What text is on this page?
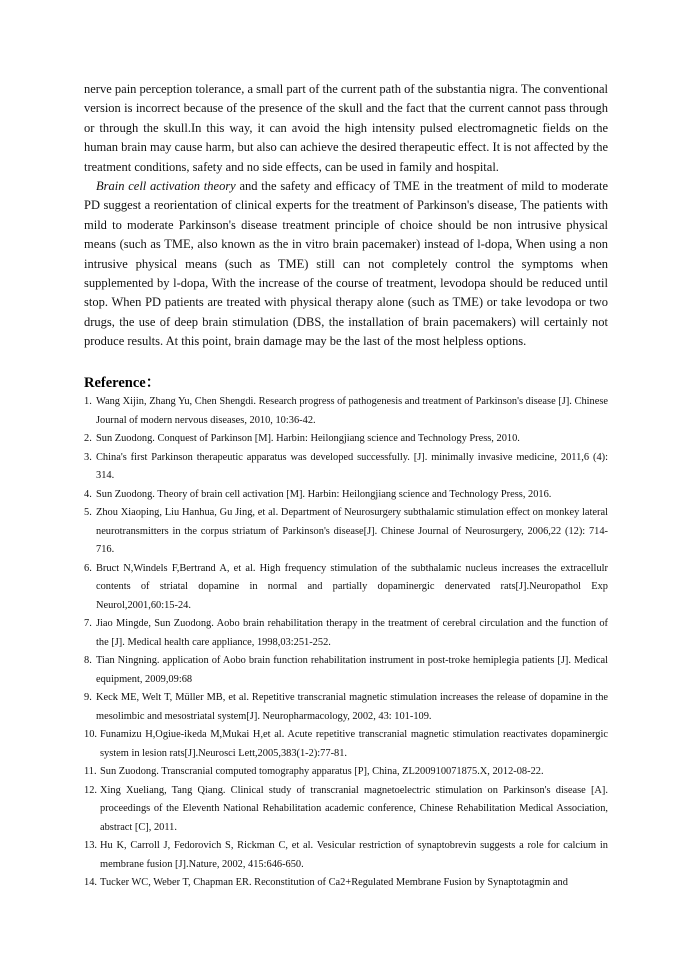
nerve pain perception tolerance, a small part of the current path of the substantia nigra. The conventional version is incorrect because of the presence of the skull and the fact that the current cannot pass through or through the skull.In this way, it can avoid the high intensity pulsed electromagnetic fields on the human brain may cause harm, but also can achieve the desired therapeutic effect. It is not affected by the treatment conditions, safety and no side effects, can be used in family and hospital.

Brain cell activation theory and the safety and efficacy of TME in the treatment of mild to moderate PD suggest a reorientation of clinical experts for the treatment of Parkinson's disease, The patients with mild to moderate Parkinson's disease treatment principle of choice should be non intrusive physical means (such as TME, also known as the in vitro brain pacemaker) instead of l-dopa, When using a non intrusive physical means (such as TME) still can not completely control the symptoms when supplemented by l-dopa, With the increase of the course of treatment, levodopa should be reduced until stop. When PD patients are treated with physical therapy alone (such as TME) or take levodopa or two drugs, the use of deep brain stimulation (DBS, the installation of brain pacemakers) will certainly not produce results. At this point, brain damage may be the last of the most helpless options.

Reference：
1. Wang Xijin, Zhang Yu, Chen Shengdi. Research progress of pathogenesis and treatment of Parkinson's disease [J]. Chinese Journal of modern nervous diseases, 2010, 10:36-42.
2. Sun Zuodong. Conquest of Parkinson [M]. Harbin: Heilongjiang science and Technology Press, 2010.
3. China's first Parkinson therapeutic apparatus was developed successfully. [J]. minimally invasive medicine, 2011,6 (4): 314.
4. Sun Zuodong. Theory of brain cell activation [M]. Harbin: Heilongjiang science and Technology Press, 2016.
5. Zhou Xiaoping, Liu Hanhua, Gu Jing, et al. Department of Neurosurgery subthalamic stimulation effect on monkey lateral neurotransmitters in the corpus striatum of Parkinson's disease[J]. Chinese Journal of Neurosurgery, 2006,22 (12): 714-716.
6. Bruct N,Windels F,Bertrand A, et al. High frequency stimulation of the subthalamic nucleus increases the extracellulr contents of striatal dopamine in normal and partially dopaminergic denervated rats[J].Neuropathol Exp Neurol,2001,60:15-24.
7. Jiao Mingde, Sun Zuodong. Aobo brain rehabilitation therapy in the treatment of cerebral circulation and the function of the [J]. Medical health care appliance, 1998,03:251-252.
8. Tian Ningning. application of Aobo brain function rehabilitation instrument in post-troke hemiplegia patients [J]. Medical equipment, 2009,09:68
9. Keck ME, Welt T, Müller MB, et al. Repetitive transcranial magnetic stimulation increases the release of dopamine in the mesolimbic and mesostriatal system[J]. Neuropharmacology, 2002, 43: 101-109.
10. Funamizu H,Ogiue-ikeda M,Mukai H,et al. Acute repetitive transcranial magnetic stimulation reactivates dopaminergic system in lesion rats[J].Neurosci Lett,2005,383(1-2):77-81.
11. Sun Zuodong. Transcranial computed tomography apparatus [P], China, ZL200910071875.X, 2012-08-22.
12. Xing Xueliang, Tang Qiang. Clinical study of transcranial magnetoelectric stimulation on Parkinson's disease [A]. proceedings of the Eleventh National Rehabilitation academic conference, Chinese Rehabilitation Medical Association, abstract [C], 2011.
13. Hu K, Carroll J, Fedorovich S, Rickman C, et al. Vesicular restriction of synaptobrevin suggests a role for calcium in membrane fusion [J].Nature, 2002, 415:646-650.
14. Tucker WC, Weber T, Chapman ER. Reconstitution of Ca2+Regulated Membrane Fusion by Synaptotagmin and
